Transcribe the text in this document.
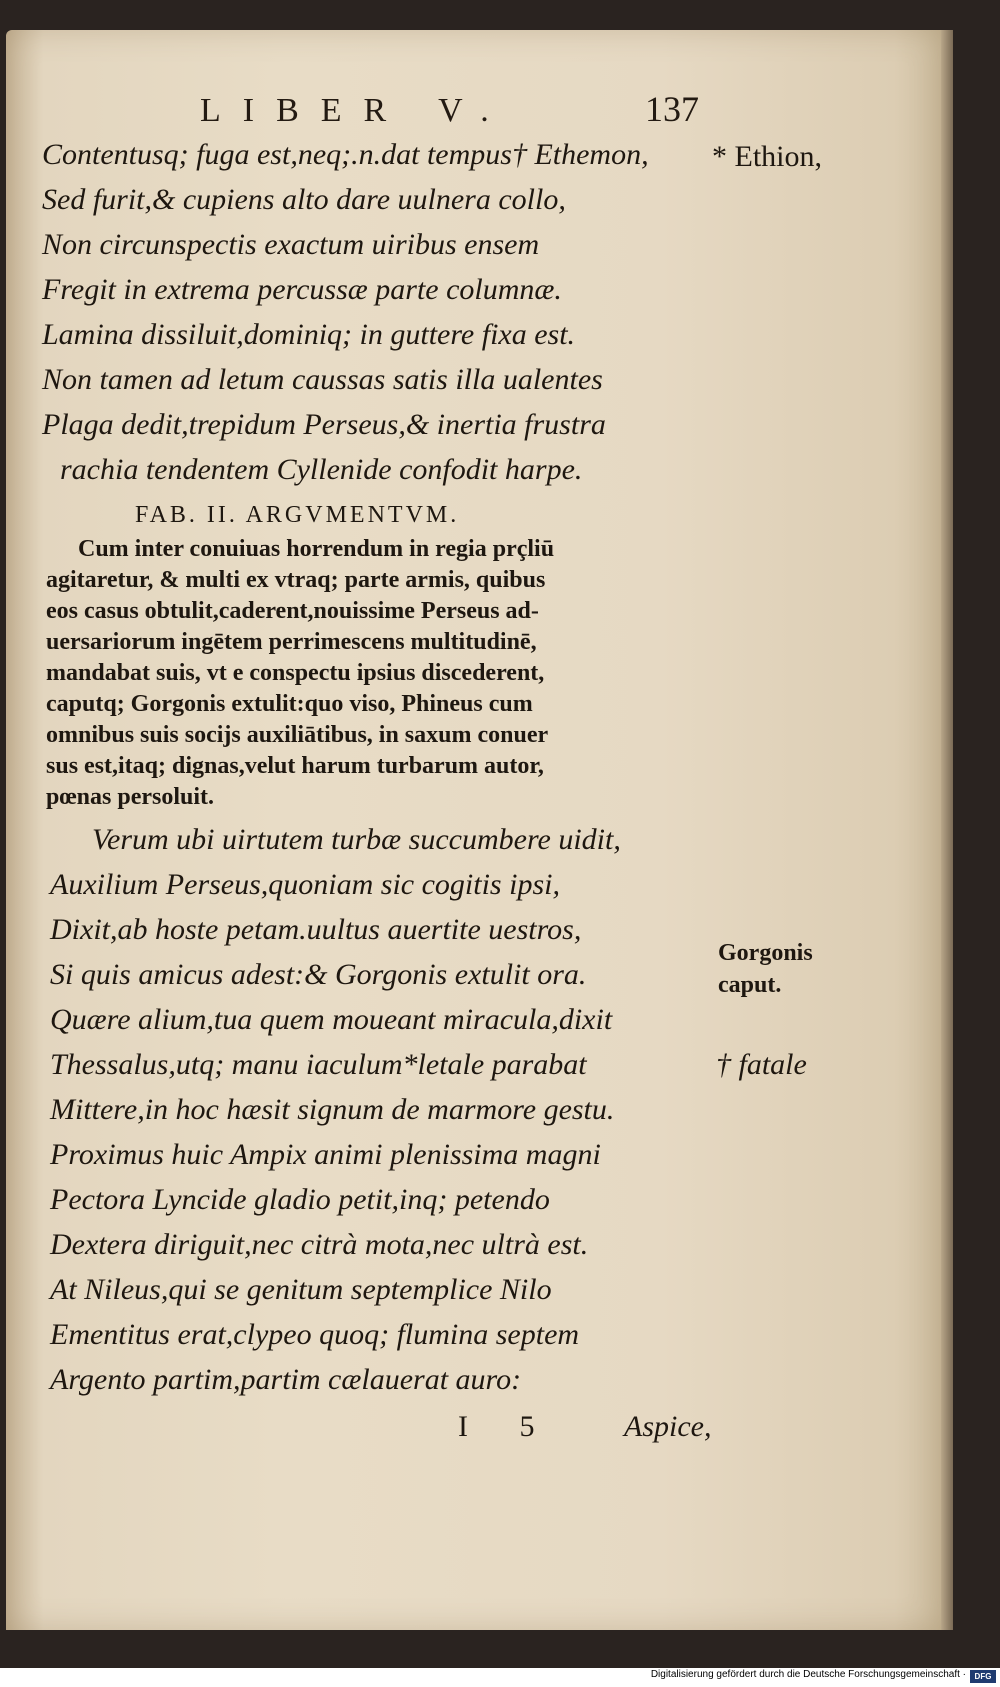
LIBER V.	137

Contentusq; fuga est,neq;.n.dat tempus† Ethemon,

Sed furit,& cupiens alto dare uulnera collo,

Non circunspectis exactum uiribus ensem

Fregit in extrema percussæ parte columnæ.

Lamina dissiluit,dominiq; in guttere fixa est.

Non tamen ad letum caussas satis illa ualentes

Plaga dedit,trepidum Perseus,& inertia frustra

rachia tendentem Cyllenide confodit harpe.

* Ethion,
FAB. II. ARGVMENTVM.

Cum inter conuiuas horrendum in regia prçliū

agitaretur, & multi ex vtraq; parte armis, quibus

eos casus obtulit,caderent,nouissime Perseus ad-

uersariorum ingētem perrimescens multitudinē,

mandabat suis, vt e conspectu ipsius discederent,

caputq; Gorgonis extulit:quo viso, Phineus cum

omnibus suis socijs auxiliātibus, in saxum conuer

sus est,itaq; dignas,velut harum turbarum autor,

pœnas persoluit.

Verum ubi uirtutem turbæ succumbere uidit,

Auxilium Perseus,quoniam sic cogitis ipsi,

Dixit,ab hoste petam.uultus auertite uestros,

Si quis amicus adest:& Gorgonis extulit ora.

Quære alium,tua quem moueant miracula,dixit

Thessalus,utq; manu iaculum*letale parabat

Mittere,in hoc hæsit signum de marmore gestu.

Proximus huic Ampix animi plenissima magni

Pectora Lyncide gladio petit,inq; petendo

Dextera diriguit,nec citrà mota,nec ultrà est.

At Nileus,qui se genitum septemplice Nilo

Ementitus erat,clypeo quoq; flumina septem

Argento partim,partim cælauerat auro:

Gorgonis
caput.
† fatale
I 5 Aspice,
Digitalisierung gefördert durch die Deutsche Forschungsgemeinschaft ·	DFG
